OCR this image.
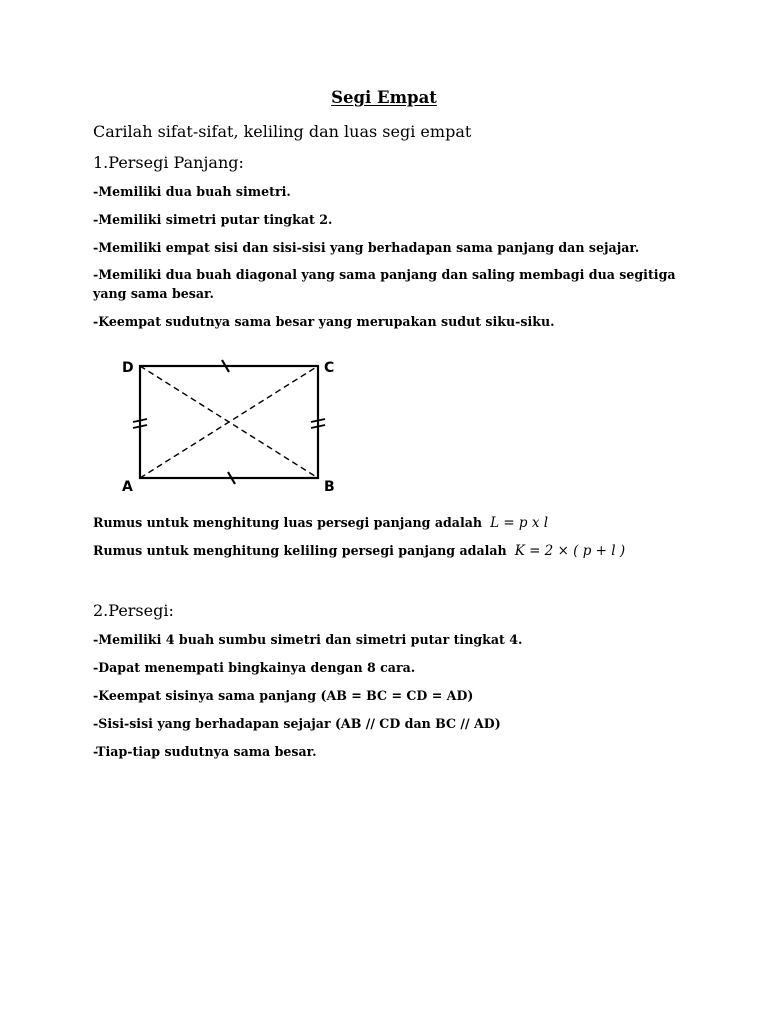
Segi Empat
Carilah sifat-sifat, keliling dan luas segi empat
1.Persegi Panjang:
-Memiliki dua buah simetri.
-Memiliki simetri putar tingkat 2.
-Memiliki empat sisi dan sisi-sisi yang berhadapan sama panjang dan sejajar.
-Memiliki dua buah diagonal yang sama panjang dan saling membagi dua segitiga yang sama besar.
-Keempat sudutnya sama besar yang merupakan sudut siku-siku.
D	C
A	B
Rumus untuk menghitung luas persegi panjang adalah L = p x l
Rumus untuk menghitung keliling persegi panjang adalah K = 2 × ( p + l )
2.Persegi:
-Memiliki 4 buah sumbu simetri dan simetri putar tingkat 4.
-Dapat menempati bingkainya dengan 8 cara.
-Keempat sisinya sama panjang (AB = BC = CD = AD)
-Sisi-sisi yang berhadapan sejajar (AB // CD dan BC // AD)
-Tiap-tiap sudutnya sama besar.
